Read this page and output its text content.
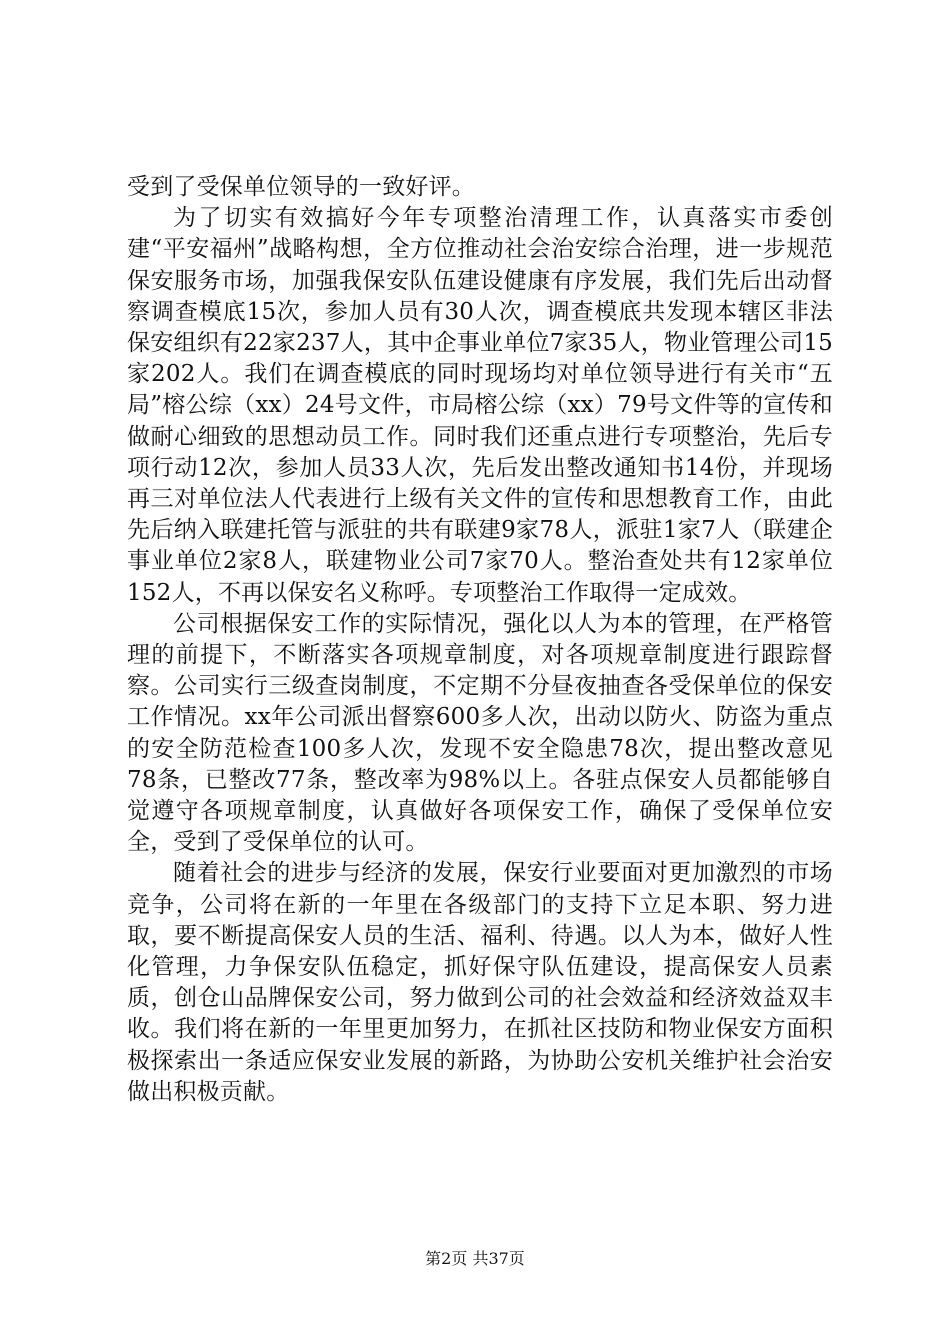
受到了受保单位领导的一致好评。

为了切实有效搞好今年专项整治清理工作，认真落实市委创建“平安福州”战略构想，全方位推动社会治安综合治理，进一步规范保安服务市场，加强我保安队伍建设健康有序发展，我们先后出动督察调查模底15次，参加人员有30人次，调查模底共发现本辖区非法保安组织有22家237人，其中企事业单位7家35人，物业管理公司15家202人。我们在调查模底的同时现场均对单位领导进行有关市“五局”榕公综（xx）24号文件，市局榕公综（xx）79号文件等的宣传和做耐心细致的思想动员工作。同时我们还重点进行专项整治，先后专项行动12次，参加人员33人次，先后发出整改通知书14份，并现场再三对单位法人代表进行上级有关文件的宣传和思想教育工作，由此先后纳入联建托管与派驻的共有联建9家78人，派驻1家7人（联建企事业单位2家8人，联建物业公司7家70人。整治查处共有12家单位152人，不再以保安名义称呼。专项整治工作取得一定成效。

公司根据保安工作的实际情况，强化以人为本的管理，在严格管理的前提下，不断落实各项规章制度，对各项规章制度进行跟踪督察。公司实行三级查岗制度，不定期不分昼夜抽查各受保单位的保安工作情况。xx年公司派出督察600多人次，出动以防火、防盗为重点的安全防范检查100多人次，发现不安全隐患78次，提出整改意见78条，已整改77条，整改率为98%以上。各驻点保安人员都能够自觉遵守各项规章制度，认真做好各项保安工作，确保了受保单位安全，受到了受保单位的认可。

随着社会的进步与经济的发展，保安行业要面对更加激烈的市场竞争，公司将在新的一年里在各级部门的支持下立足本职、努力进取，要不断提高保安人员的生活、福利、待遇。以人为本，做好人性化管理，力争保安队伍稳定，抓好保守队伍建设，提高保安人员素质，创仓山品牌保安公司，努力做到公司的社会效益和经济效益双丰收。我们将在新的一年里更加努力，在抓社区技防和物业保安方面积极探索出一条适应保安业发展的新路，为协助公安机关维护社会治安做出积极贡献。

第2页 共37页
